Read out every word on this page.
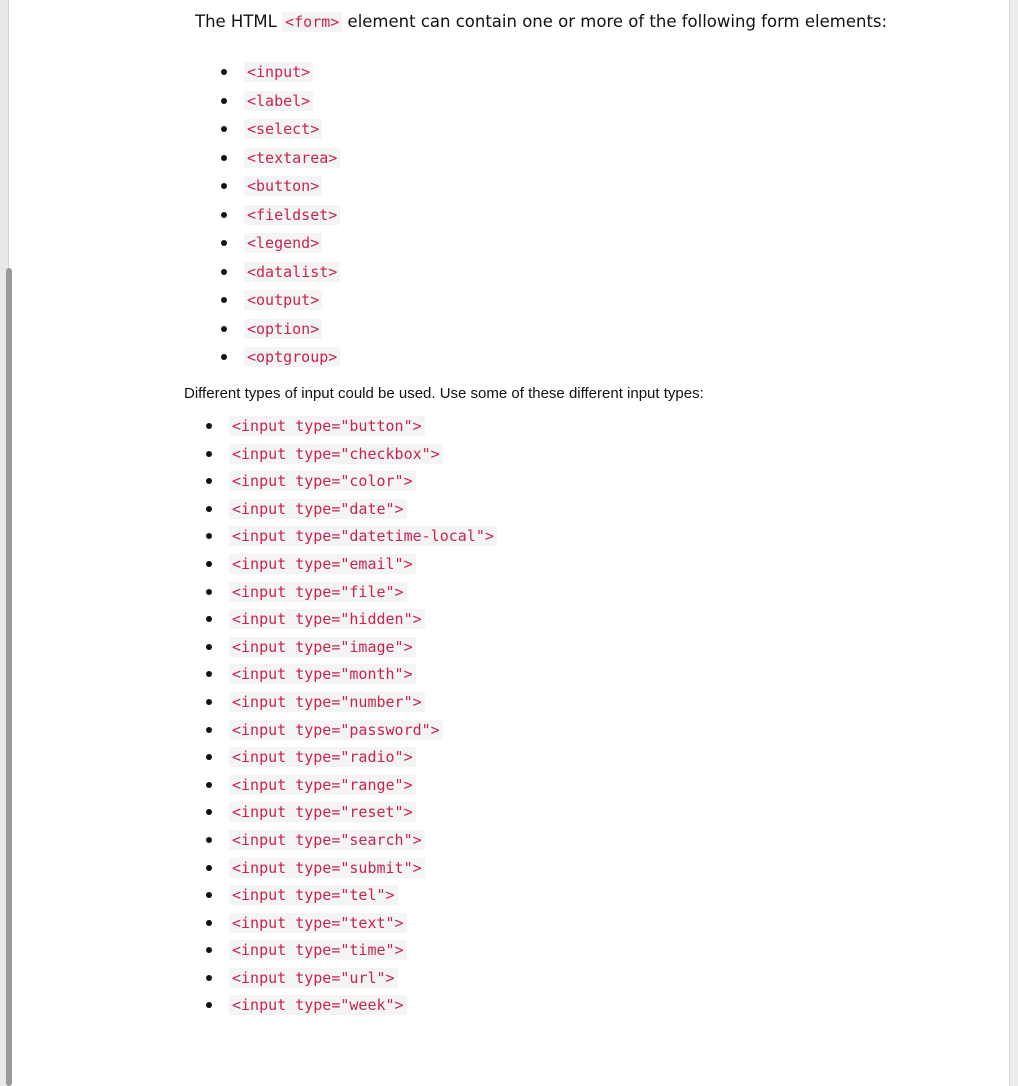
The HTML <form> element can contain one or more of the following form elements:

<input>
<label>
<select>
<textarea>
<button>
<fieldset>
<legend>
<datalist>
<output>
<option>
<optgroup>

Different types of input could be used. Use some of these different input types:

<input type="button">
<input type="checkbox">
<input type="color">
<input type="date">
<input type="datetime-local">
<input type="email">
<input type="file">
<input type="hidden">
<input type="image">
<input type="month">
<input type="number">
<input type="password">
<input type="radio">
<input type="range">
<input type="reset">
<input type="search">
<input type="submit">
<input type="tel">
<input type="text">
<input type="time">
<input type="url">
<input type="week">
